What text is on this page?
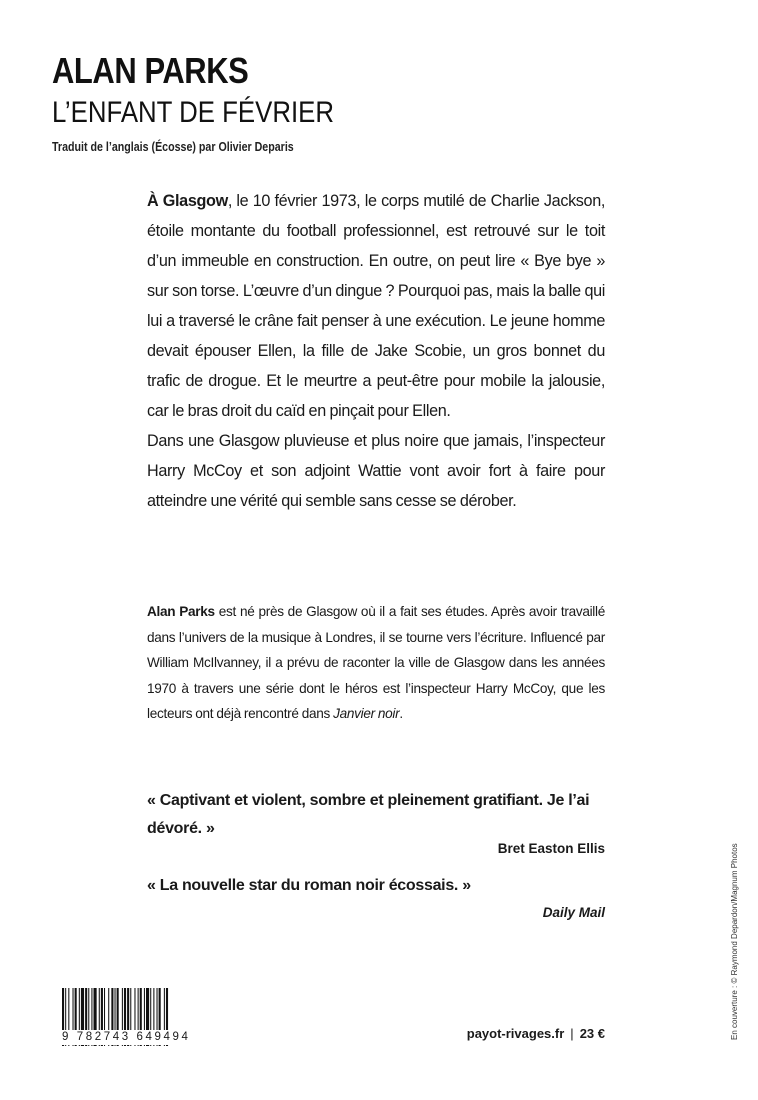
ALAN PARKS
L’ENFANT DE FÉVRIER
Traduit de l’anglais (Écosse) par Olivier Deparis

À Glasgow, le 10 février 1973, le corps mutilé de Charlie Jackson, étoile montante du football professionnel, est retrouvé sur le toit d’un immeuble en construction. En outre, on peut lire « Bye bye » sur son torse. L’œuvre d’un dingue ? Pourquoi pas, mais la balle qui lui a traversé le crâne fait penser à une exécution. Le jeune homme devait épouser Ellen, la fille de Jake Scobie, un gros bonnet du trafic de drogue. Et le meurtre a peut-être pour mobile la jalousie, car le bras droit du caïd en pinçait pour Ellen.

Dans une Glasgow pluvieuse et plus noire que jamais, l’inspecteur Harry McCoy et son adjoint Wattie vont avoir fort à faire pour atteindre une vérité qui semble sans cesse se dérober.

Alan Parks est né près de Glasgow où il a fait ses études. Après avoir travaillé dans l’univers de la musique à Londres, il se tourne vers l’écriture. Influencé par William McIlvanney, il a prévu de raconter la ville de Glasgow dans les années 1970 à travers une série dont le héros est l’inspecteur Harry McCoy, que les lecteurs ont déjà rencontré dans Janvier noir.

« Captivant et violent, sombre et pleinement gratifiant. Je l’ai dévoré. »

Bret Easton Ellis

« La nouvelle star du roman noir écossais. »

Daily Mail
9 782743 649494	payot-rivages.fr | 23 €	En couverture : © Raymond Depardon/Magnum Photos
